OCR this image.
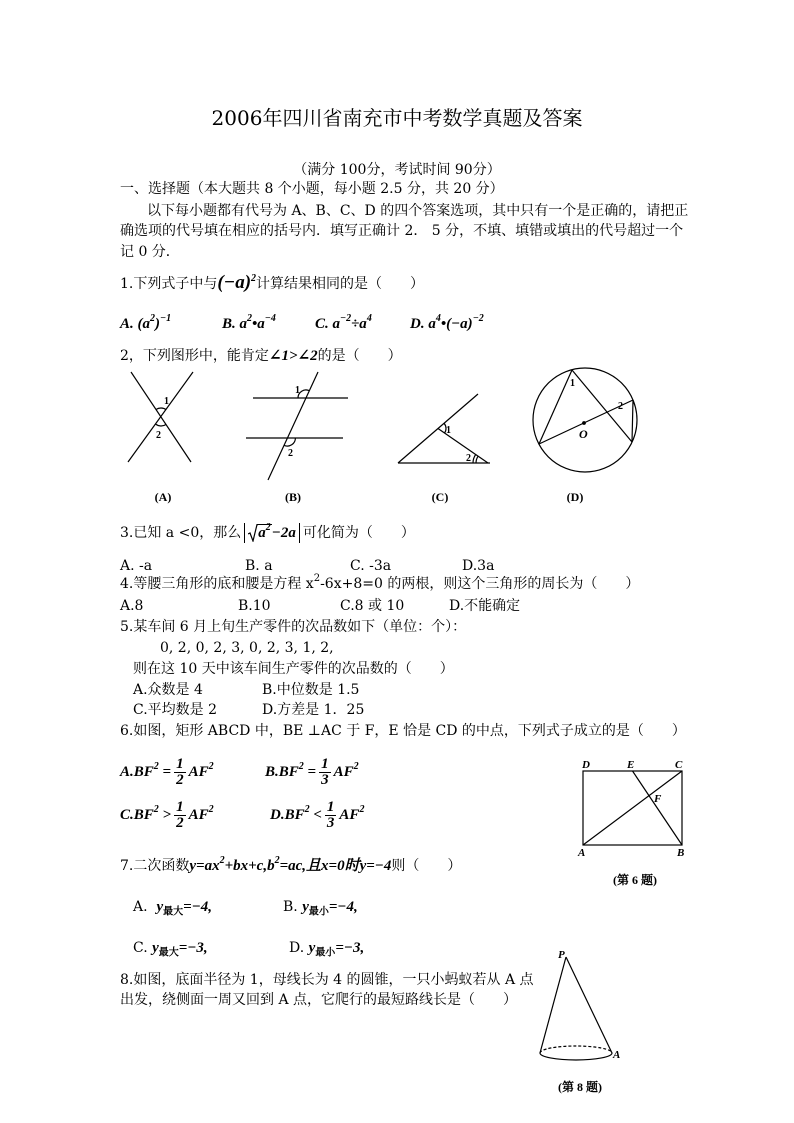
2006年四川省南充市中考数学真题及答案
（满分 100分，考试时间 90分）
一、选择题（本大题共 8 个小题，每小题 2.5 分，共 20 分）
以下每小题都有代号为 A、B、C、D 的四个答案选项，其中只有一个是正确的，请把正
确选项的代号填在相应的括号内．填写正确计 2． 5 分，不填、填错或填出的代号超过一个
记 0 分．
1.下列式子中与$(-a)^2$计算结果相同的是（　　）
A. $(a^2)^{-1}$	B. $a^2•a^{-4}$	C. $a^{-2}\div a^4$	D. $a^4•(-a)^{-2}$
2，下列图形中，能肯定∠1>∠2的是（　　）
3.已知 a <0，那么 $a^2-2a$ 可化简为（　　）
A. -a	B. a	C. -3a	D.3a
4.等腰三角形的底和腰是方程 $x^2-6x+8=0$ 的两根，则这个三角形的周长为（　　）
A.8	B.10	C.8 或 10	D.不能确定
5.某车间 6 月上旬生产零件的次品数如下（单位：个）：
0, 2, 0, 2, 3, 0, 2, 3, 1, 2,
则在这 10 天中该车间生产零件的次品数的（　　）
A.众数是 4	B.中位数是 1.5
C.平均数是 2	D.方差是 1．25
6.如图，矩形 ABCD 中，BE ⊥AC 于 F，E 恰是 CD 的中点，下列式子成立的是（　　）
$A.BF^2 = \frac{1}{2} AF^2$	$B.BF^2 = \frac{1}{3} AF^2$
$C.BF^2 > \frac{1}{2} AF^2$	$D.BF^2 < \frac{1}{3} AF^2$
7.二次函数$y=ax^2+bx+c,b^2=ac$,且x=0时y=−4则（　　）
A. $y_{最大}=-4$,	B. $y_{最小}=-4$,
C. $y_{最大}=-3$,	D. $y_{最小}=-3$,
8.如图，底面半径为 1，母线长为 4 的圆锥，一只小蚂蚁若从 A 点
出发，绕侧面一周又回到 A 点，它爬行的最短路线长是（　　）
1
2
(A)
1
2
(B)
1
2
(C)
1
2
O
(D)
D	E	C
F
A	B
(第 6 题)
P
A
(第 8 题)
